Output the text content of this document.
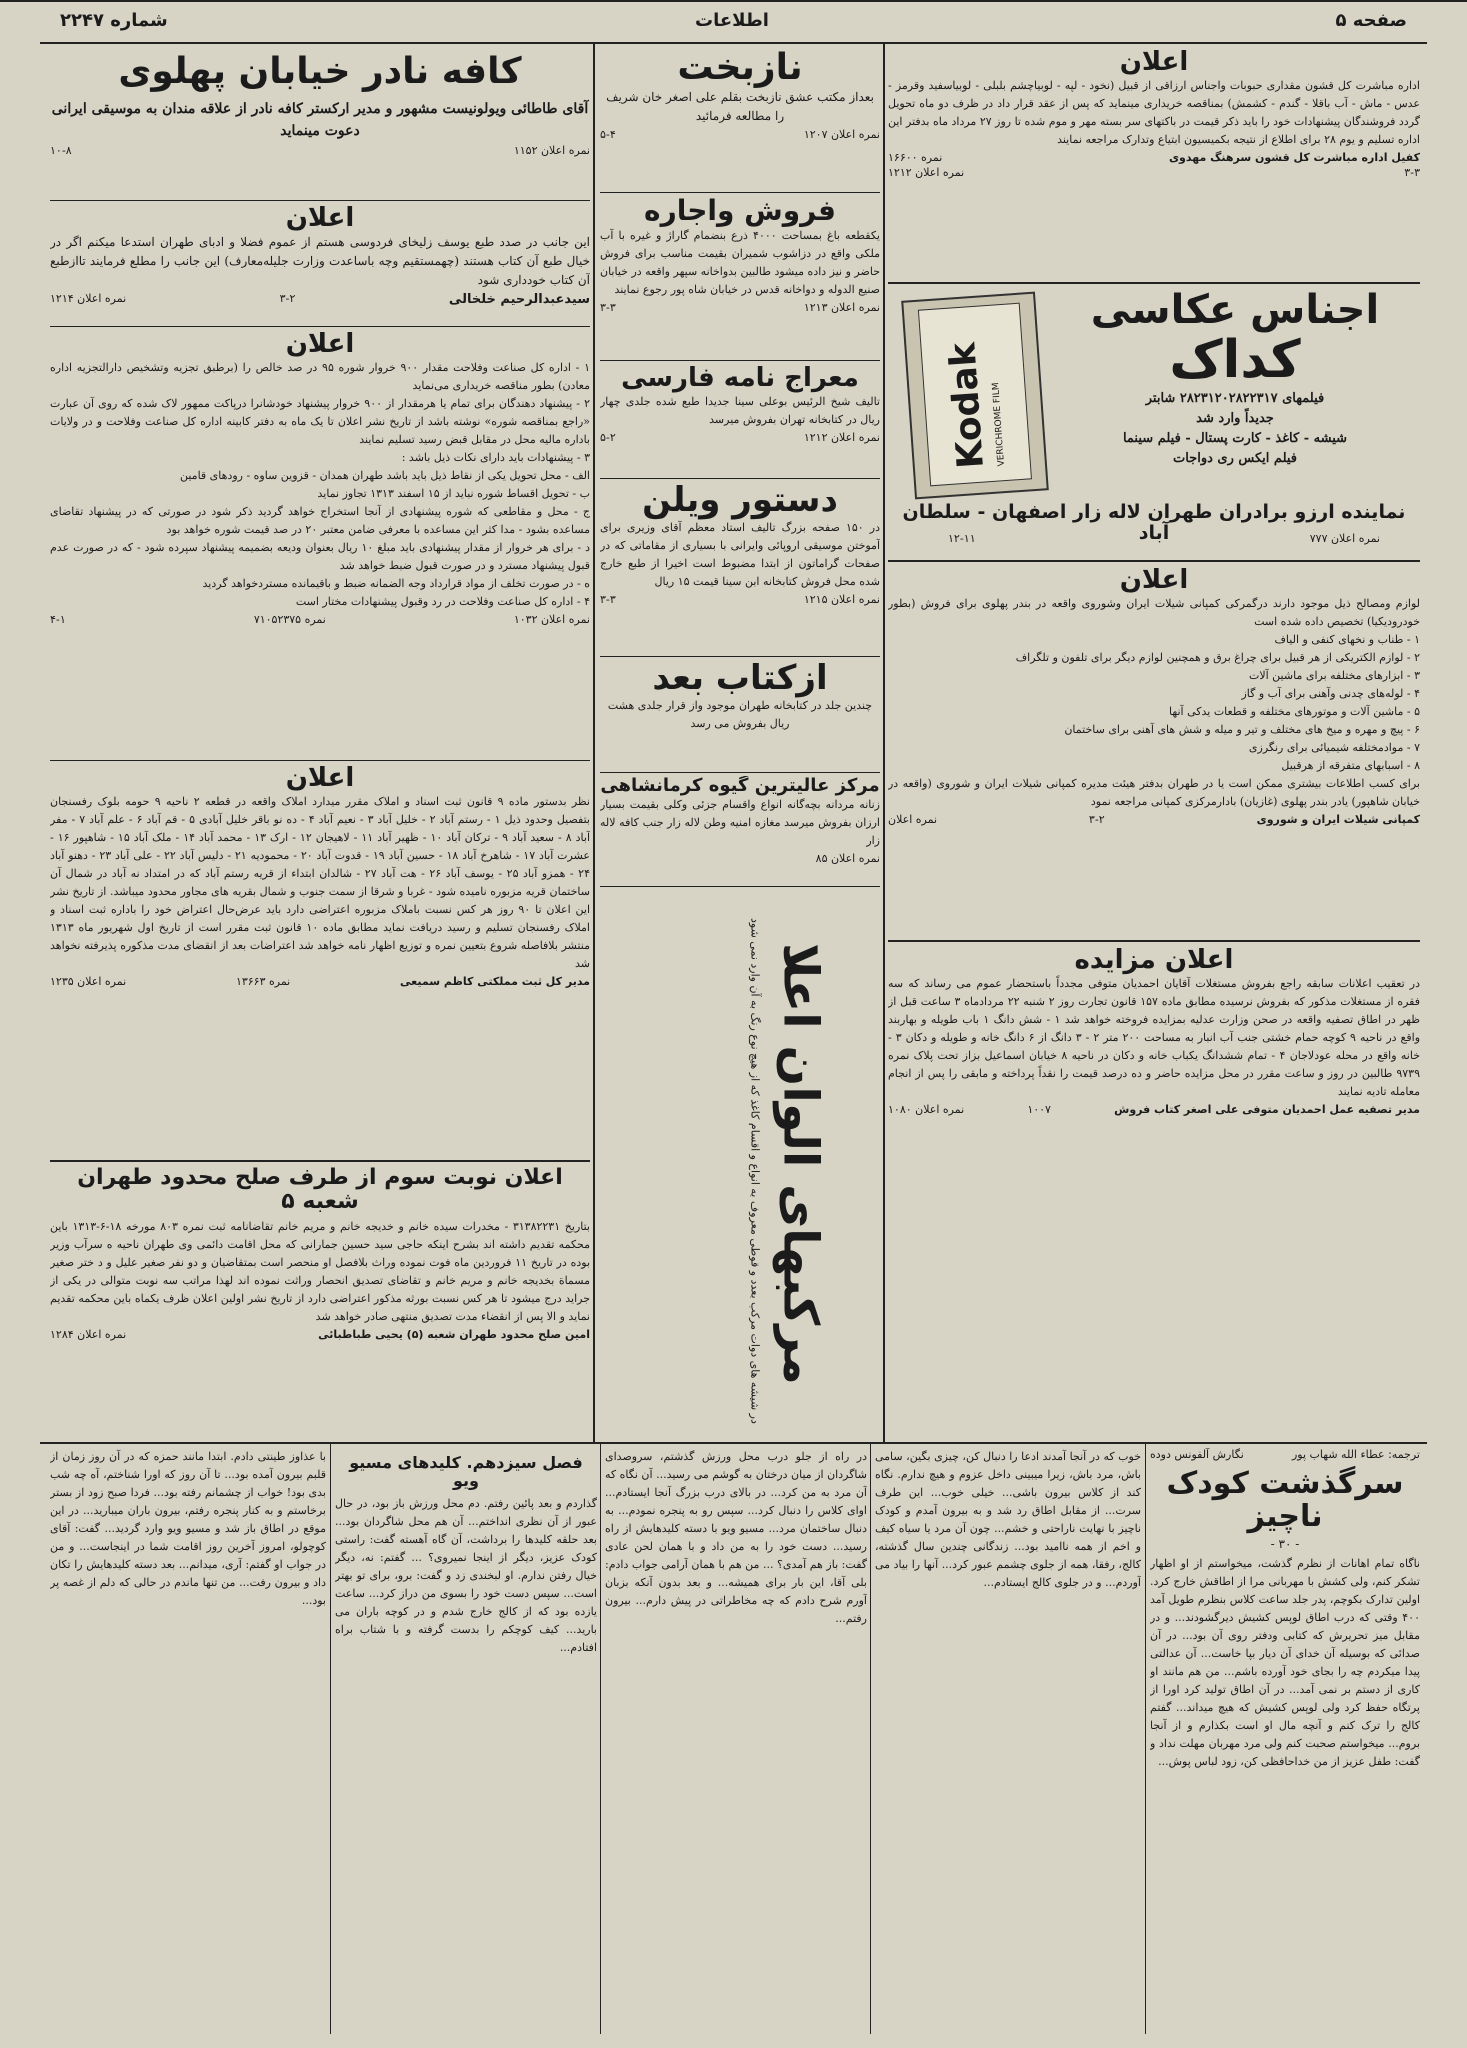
صفحه ۵
اطلاعات
شماره ۲۲۴۷
کافه نادر خیابان پهلوی
آقای طاطائی ویولونیست مشهور و مدیر ارکستر کافه نادر از علاقه مندان به موسیقی ایرانی دعوت مینماید
نمره اعلان ۱۱۵۲
۱۰-۸
اعلان
این جانب در صدد طبع یوسف زلیخای فردوسی هستم از عموم فضلا و ادبای طهران استدعا میکنم اگر در خیال طبع آن کتاب هستند (چهمستقیم وچه باساعدت وزارت جلیله‌معارف) این جانب را مطلع فرمایند تاازطبع آن کتاب خودداری شود
سیدعبدالرحیم خلخالی
۳-۲
نمره اعلان ۱۲۱۴
اعلان
۱ - اداره کل صناعت وفلاحت مقدار ۹۰۰ خروار شوره ۹۵ در صد خالص را (برطبق تجزیه وتشخیص دارالتجزیه اداره معادن) بطور مناقصه خریداری می‌نماید
۲ - پیشنهاد دهندگان برای تمام یا هرمقدار از ۹۰۰ خروار پیشنهاد خودشانرا درپاکت ممهور لاک شده که روی آن عبارت «راجع بمناقصه شوره» نوشته باشد از تاریخ نشر اعلان تا یک ماه به دفتر کابینه اداره کل صناعت وفلاحت و در ولایات باداره مالیه محل در مقابل قبض رسید تسلیم نمایند
۳ - پیشنهادات باید دارای نکات ذیل باشد :
الف - محل تحویل یکی از نقاط ذیل باید باشد طهران همدان - قزوین ساوه - رودهای قامین
ب - تحویل اقساط شوره نباید از ۱۵ اسفند ۱۳۱۳ تجاوز نماید
ج - محل و مقاطعی که شوره پیشنهادی از آنجا استخراج خواهد گردید ذکر شود در صورتی که در پیشنهاد تقاضای مساعده بشود - مدا کثر این مساعده با معرفی ضامن معتبر ۲۰ در صد قیمت شوره خواهد بود
د - برای هر خروار از مقدار پیشنهادی باید مبلغ ۱۰ ریال بعنوان ودیعه بضمیمه پیشنهاد سپرده شود - که در صورت عدم قبول پیشنهاد مسترد و در صورت قبول ضبط خواهد شد
ه - در صورت تخلف از مواد قرارداد وجه الضمانه ضبط و باقیمانده مستردخواهد گردید
۴ - اداره کل صناعت وفلاحت در رد وقبول پیشنهادات مختار است
نمره اعلان ۱۰۳۲
نمره ۷۱۰۵۲۳۷۵
۴-۱
اعلان
نظر بدستور ماده ۹ قانون ثبت اسناد و املاک مقرر میدارد املاک واقعه در قطعه ۲ ناحیه ۹ حومه بلوک رفسنجان بتفصیل وحدود ذیل ۱ - رستم آباد ۲ - خلیل آباد ۳ - نعیم آباد ۴ - ده نو باقر خلیل آبادی ۵ - قم آباد ۶ - علم آباد ۷ - مفر آباد ۸ - سعید آباد ۹ - ترکان آباد ۱۰ - ظهیر آباد ۱۱ - لاهیجان ۱۲ - ارک ۱۳ - محمد آباد ۱۴ - ملک آباد ۱۵ - شاهپور ۱۶ - عشرت آباد ۱۷ - شاهرخ آباد ۱۸ - حسین آباد ۱۹ - قدوت آباد ۲۰ - محمودیه ۲۱ - دلیس آباد ۲۲ - علی آباد ۲۳ - دهنو آباد ۲۴ - همزو آباد ۲۵ - یوسف آباد ۲۶ - هت آباد ۲۷ - شالدان ابتداء از قریه رستم آباد که در امتداد نه آباد در شمال آن ساختمان قریه مزبوره نامیده شود - غربا و شرقا از سمت جنوب و شمال بقریه های مجاور محدود میباشد. از تاریخ نشر این اعلان تا ۹۰ روز هر کس نسبت باملاک مزبوره اعتراضی دارد باید عرض‌حال اعتراض خود را باداره ثبت اسناد و املاک رفسنجان تسلیم و رسید دریافت نماید مطابق ماده ۱۰ قانون ثبت مقرر است از تاریخ اول شهریور ماه ۱۳۱۳ منتشر بلافاصله شروع بتعیین نمره و توزیع اظهار نامه خواهد شد اعتراضات بعد از انقضای مدت مذکوره پذیرفته نخواهد شد
مدیر کل ثبت مملکتی کاظم سمیعی
نمره ۱۳۶۶۳
نمره اعلان ۱۲۳۵
اعلان نوبت سوم از طرف صلح محدود طهران شعبه ۵
بتاریخ ۳۱۳۸۲۲۳۱ - مخدرات سیده خانم و خدیجه خانم و مریم خانم تقاضانامه ثبت نمره ۸۰۳ مورخه ۱۸-۶-۱۳۱۳ باین محکمه تقدیم داشته اند بشرح اینکه حاجی سید حسین جمارانی که محل اقامت دائمی وی طهران ناحیه ه سرآب وزیر بوده در تاریخ ۱۱ فروردین ماه فوت نموده وراث بلافصل او منحصر است بمتقاضیان و دو نفر صغیر علیل و د ختر صغیر مسماة بخدیجه خانم و مریم خانم و تقاضای تصدیق انحصار وراثت نموده اند لهذا مراتب سه نوبت متوالی در یکی از جراید درج میشود تا هر کس نسبت بورثه مذکور اعتراضی دارد از تاریخ نشر اولین اعلان ظرف یکماه باین محکمه تقدیم نماید و الا پس از انقضاء مدت تصدیق منتهی صادر خواهد شد
امین صلح محدود طهران شعبه (۵) یحیی طباطبائی
نمره اعلان ۱۲۸۴
نازبخت
بعداز مکتب عشق نازبخت بقلم علی اصغر خان شریف را مطالعه فرمائید
نمره اعلان ۱۲۰۷
۵-۴
فروش واجاره
یکقطعه باغ بمساحت ۴۰۰۰ ذرع بنضمام گاراژ و غیره با آب ملکی واقع در دزاشوب شمیران بقیمت مناسب برای فروش حاضر و نیز داده میشود طالبین بدواخانه سپهر واقعه در خیابان صنیع الدوله و دواخانه قدس در خیابان شاه پور رجوع نمایند
نمره اعلان ۱۲۱۳
۳-۳
معراج نامه فارسی
تالیف شیخ الرئیس بوعلی سینا جدیدا طبع شده جلدی چهار ریال در کتابخانه تهران بفروش میرسد
نمره اعلان ۱۲۱۲
۵-۲
دستور ویلن
در ۱۵۰ صفحه بزرگ تالیف استاد معظم آقای وزیری برای آموختن موسیقی اروپائی وایرانی با بسیاری از مقاماتی که در صفحات گراماتون از ابتدا مضبوط است اخیرا از طبع خارج شده محل فروش کتابخانه ابن سینا قیمت ۱۵ ریال
نمره اعلان ۱۲۱۵
۳-۳
ازکتاب بعد
چندین جلد در کتابخانه طهران موجود واز قرار جلدی هشت ریال بفروش می رسد
مرکز عالیترین گیوه کرمانشاهی
زنانه مردانه بچه‌گانه انواع واقسام جزئی وکلی بقیمت بسیار ارزان بفروش میرسد مغازه امنیه وطن لاله زار جنب کافه لاله زار
نمره اعلان ۸۵
مرکبهای الوان اعلا
در شیشه های دوات مرکب بعدد و قوطی معروف به انواع و اقسام کاغذ که از هیچ نوع رنگ به آن وارد نمی شود
اعلان
اداره مباشرت کل قشون مقداری حبوبات واجناس ارزاقی از قبیل (نخود - لپه - لوبیاچشم بلبلی - لوبیاسفید وقرمز - عدس - ماش - آب باقلا - گندم - کشمش) بمناقصه خریداری مینماید که پس از عقد قرار داد در ظرف دو ماه تحویل گردد فروشندگان پیشنهادات خود را باید ذکر قیمت در باکتهای سر بسته مهر و موم شده تا روز ۲۷ مرداد ماه بدفتر این اداره تسلیم و یوم ۲۸ برای اطلاع از نتیجه بکمیسیون ابتیاع وتدارک مراجعه نمایند
کفیل اداره مباشرت کل قشون سرهنگ مهدوی
نمره ۱۶۶۰۰
۳-۳
نمره اعلان ۱۲۱۲
Kodak VERICHROME FILM
اجناس عکاسی
کداک
فیلمهای ۲۸۲۳۱۲۰۲۸۲۲۳۱۷ شابتر
جدیداً وارد شد
شیشه - کاغذ - کارت پستال - فیلم سینما
فیلم ایکس ری دواجات
نماینده ارزو برادران طهران لاله زار اصفهان - سلطان آباد	نمره اعلان ۷۷۷
۱۲-۱۱
اعلان
لوازم ومصالح ذیل موجود دارند درگمرکی کمپانی شیلات ایران وشوروی واقعه در بندر پهلوی برای فروش (بطور خودرودیکیا) تخصیص داده شده است
۱ - طناب و نخهای کنفی و الیاف
۲ - لوازم الکتریکی از هر قبیل برای چراغ برق و همچنین لوازم دیگر برای تلفون و تلگراف
۳ - ابزارهای مختلفه برای ماشین آلات
۴ - لوله‌های چدنی وآهنی برای آب و گاز
۵ - ماشین آلات و موتورهای مختلفه و قطعات یدکی آنها
۶ - پیچ و مهره و میخ های مختلف و تیر و میله و شش های آهنی برای ساختمان
۷ - موادمختلفه شیمیائی برای رنگرزی
۸ - اسبابهای متفرقه از هرقبیل
برای کسب اطلاعات بیشتری ممکن است یا در طهران بدفتر هیئت مدیره کمپانی شیلات ایران و شوروی (واقعه در خیابان شاهپور) یادر بندر پهلوی (غازیان) بادارمرکزی کمپانی مراجعه نمود
کمپانی شیلات ایران و شوروی
۳-۲
نمره اعلان
اعلان مزایده
در تعقیب اعلانات سابقه راجع بفروش مستغلات آقایان احمدیان متوفی مجدداً باستحضار عموم می رساند که سه فقره از مستغلات مذکور که بفروش نرسیده مطابق ماده ۱۵۷ قانون تجارت روز ۲ شنبه ۲۲ مردادماه ۳ ساعت قبل از ظهر در اطاق تصفیه واقعه در صحن وزارت عدلیه بمزایده فروخته خواهد شد ۱ - شش دانگ ۱ باب طویله و بهاربند واقع در ناحیه ۹ کوچه حمام خشتی جنب آب انبار به مساحت ۲۰۰ متر ۲ - ۳ دانگ از ۶ دانگ خانه و طویله و دکان ۳ - خانه واقع در محله عودلاجان ۴ - تمام ششدانگ یکباب خانه و دکان در ناحیه ۸ خیابان اسماعیل بزاز تحت پلاک نمره ۹۷۳۹ طالبین در روز و ساعت مقرر در محل مزایده حاضر و ده درصد قیمت را نقداً پرداخته و مابقی را پس از انجام معامله تادیه نمایند
مدیر تصفیه عمل احمدیان متوفی علی اصغر کتاب فروش
۱۰۰۷
نمره اعلان ۱۰۸۰
ترجمه: عطاء الله شهاب پور
نگارش آلفونس دوده
سرگذشت کودک ناچیز
- ۳۰ -
ناگاه تمام اهانات از نظرم گذشت، میخواستم از او اظهار تشکر کنم، ولی کشش با مهربانی مرا از اطاقش خارج کرد. اولین تدارک بکوچم، پدر جلد ساعت کلاس بنظرم طویل آمد ۴۰۰ وقتی که درب اطاق لوپس کشیش دیرگشودند... و در مقابل میز تحریرش که کتابی ودفتر روی آن بود... در آن صدائی که بوسیله آن خدای آن دیار بپا خاست... آن عدالتی پیدا میکردم چه را بجای خود آورده باشم... من هم مانند او کاری از دستم بر نمی آمد... در آن اطاق تولید کرد اورا از پرتگاه حفظ کرد ولی لوپس کشیش که هیچ میداند... گفتم کالج را ترک کنم و آنچه مال او است بکذارم و از آنجا بروم... میخواستم صحبت کنم ولی مرد مهربان مهلت نداد و گفت: طفل عزیز از من خداحافظی کن، زود لباس پوش...
خوب که در آنجا آمدند ادعا را دنبال کن، چیزی بگین، سامی باش، مرد باش، زیرا میبینی داخل عزوم و هیچ ندارم. نگاه کند از کلاس بیرون باشی... خیلی خوب... این طرف سرت... از مقابل اطاق رد شد و به بیرون آمدم و کودک ناچیز با نهایت ناراحتی و خشم... چون آن مرد یا سیاه کیف و اخم از همه ناامید بود... زندگانی چندین سال گذشته، کالج، رفقا، همه از جلوی چشمم عبور کرد... آنها را بیاد می آوردم... و در جلوی کالج ایستادم...
در راه از جلو درب محل ورزش گذشتم، سروصدای شاگردان از میان درختان به گوشم می رسید... آن نگاه که آن مرد به من کرد... در بالای درب بزرگ آنجا ایستادم... اوای کلاس را دنبال کرد... سپس رو به پنجره نمودم... به دنبال ساختمان مرد... مسیو ویو با دسته کلیدهایش از راه رسید... دست خود را به من داد و با همان لحن عادی گفت: باز هم آمدی؟ ... من هم با همان آرامی جواب دادم: بلی آقا، این بار برای همیشه... و بعد بدون آنکه بزبان آورم شرح دادم که چه مخاطراتی در پیش دارم... بیرون رفتم...
فصل سیزدهم. کلیدهای مسیو ویو
گذاردم و بعد پائین رفتم. دم محل ورزش باز بود، در حال عبور از آن نظری انداختم... آن هم محل شاگردان بود... بعد حلقه کلیدها را برداشت، آن گاه آهسته گفت: راستی کودک عزیز، دیگر از اینجا نمیروی؟ ... گفتم: نه، دیگر خیال رفتن ندارم. او لبخندی زد و گفت: برو، برای تو بهتر است... سپس دست خود را بسوی من دراز کرد... ساعت یازده بود که از کالج خارج شدم و در کوچه باران می بارید... کیف کوچکم را بدست گرفته و با شتاب براه افتادم...
با عذاوز طینتی دادم. ابتدا مانند حمزه که در آن روز زمان از قلبم بیرون آمده بود... تا آن روز که اورا شناختم، آه چه شب بدی بود! خواب از چشمانم رفته بود... فردا صبح زود از بستر برخاستم و به کنار پنجره رفتم، بیرون باران میبارید... در این موقع در اطاق باز شد و مسیو ویو وارد گردید... گفت: آقای کوچولو، امروز آخرین روز اقامت شما در اینجاست... و من در جواب او گفتم: آری، میدانم... بعد دسته کلیدهایش را تکان داد و بیرون رفت... من تنها ماندم در حالی که دلم از غصه پر بود...
